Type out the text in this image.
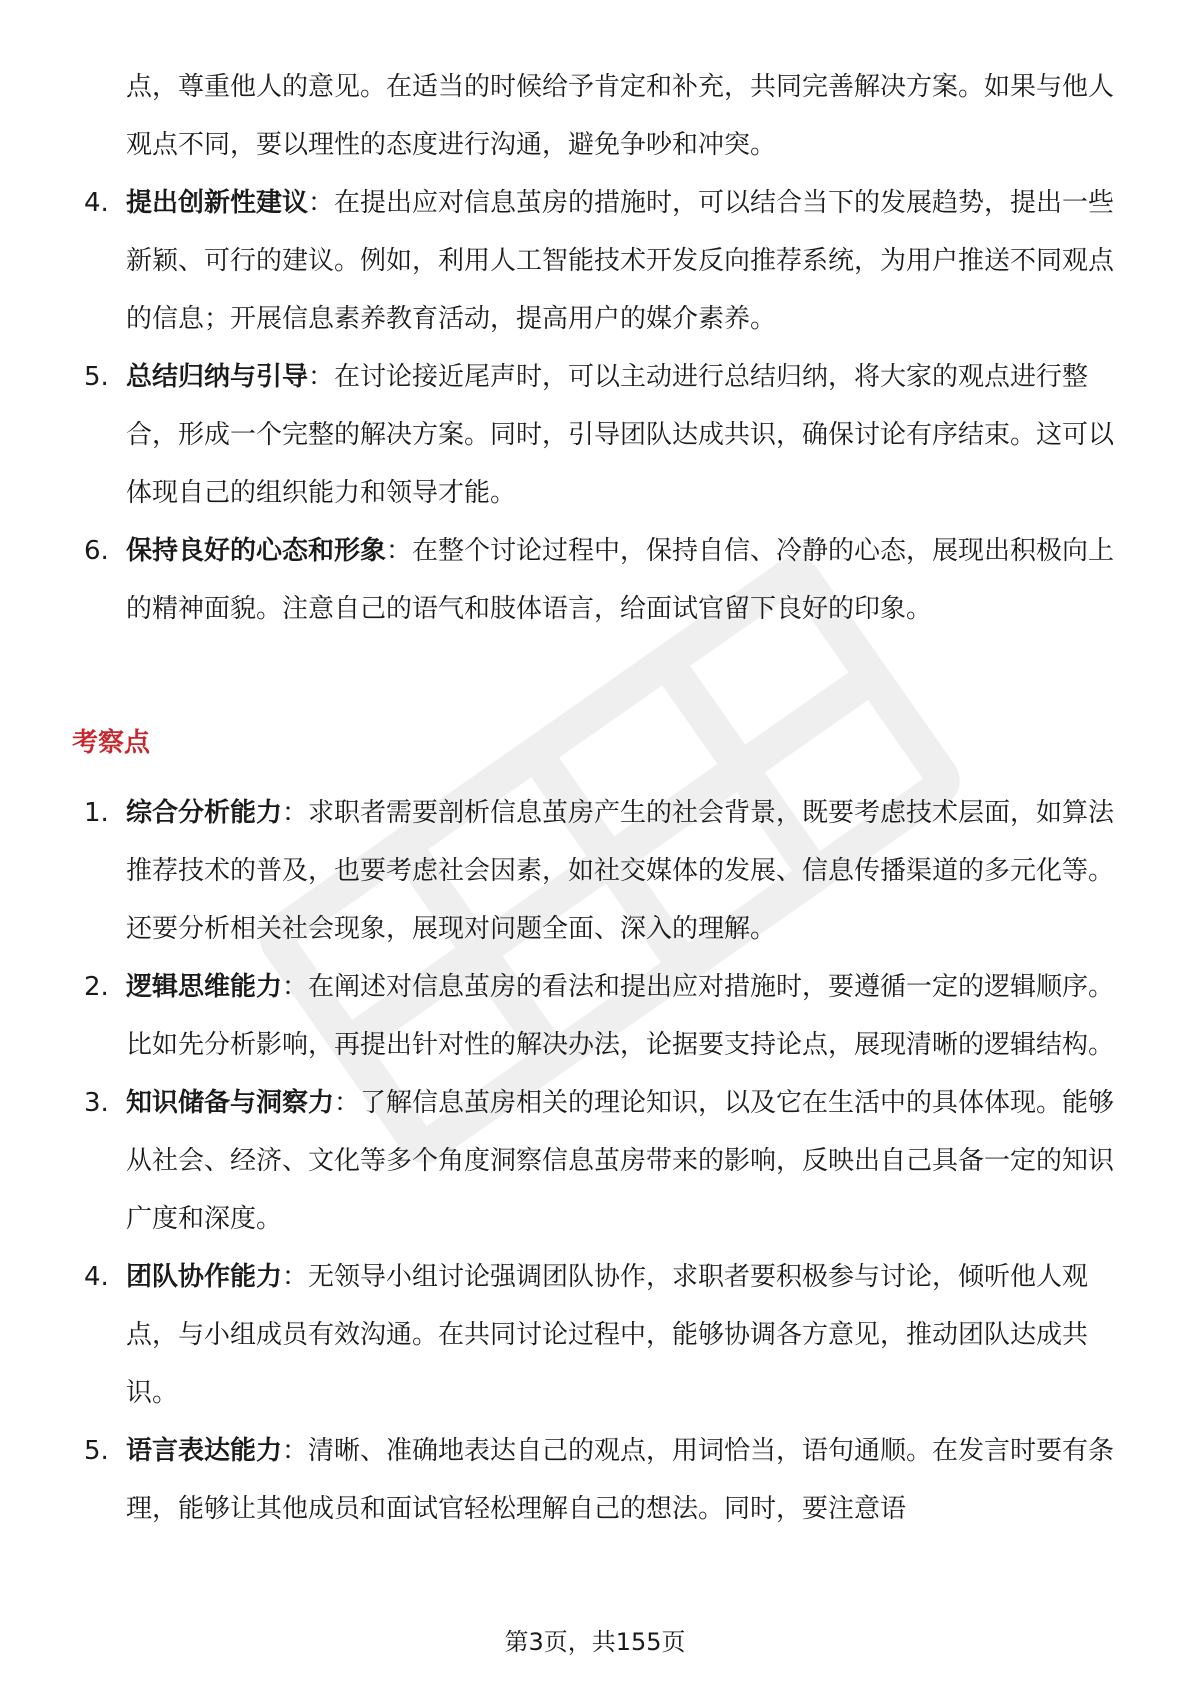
点，尊重他人的意见。在适当的时候给予肯定和补充，共同完善解决方案。如果与他人观点不同，要以理性的态度进行沟通，避免争吵和冲突。

4. 提出创新性建议：在提出应对信息茧房的措施时，可以结合当下的发展趋势，提出一些新颖、可行的建议。例如，利用人工智能技术开发反向推荐系统，为用户推送不同观点的信息；开展信息素养教育活动，提高用户的媒介素养。
5. 总结归纳与引导：在讨论接近尾声时，可以主动进行总结归纳，将大家的观点进行整合，形成一个完整的解决方案。同时，引导团队达成共识，确保讨论有序结束。这可以体现自己的组织能力和领导才能。
6. 保持良好的心态和形象：在整个讨论过程中，保持自信、冷静的心态，展现出积极向上的精神面貌。注意自己的语气和肢体语言，给面试官留下良好的印象。
考察点
1. 综合分析能力：求职者需要剖析信息茧房产生的社会背景，既要考虑技术层面，如算法推荐技术的普及，也要考虑社会因素，如社交媒体的发展、信息传播渠道的多元化等。还要分析相关社会现象，展现对问题全面、深入的理解。
2. 逻辑思维能力：在阐述对信息茧房的看法和提出应对措施时，要遵循一定的逻辑顺序。比如先分析影响，再提出针对性的解决办法，论据要支持论点，展现清晰的逻辑结构。
3. 知识储备与洞察力：了解信息茧房相关的理论知识，以及它在生活中的具体体现。能够从社会、经济、文化等多个角度洞察信息茧房带来的影响，反映出自己具备一定的知识广度和深度。
4. 团队协作能力：无领导小组讨论强调团队协作，求职者要积极参与讨论，倾听他人观点，与小组成员有效沟通。在共同讨论过程中，能够协调各方意见，推动团队达成共识。
5. 语言表达能力：清晰、准确地表达自己的观点，用词恰当，语句通顺。在发言时要有条理，能够让其他成员和面试官轻松理解自己的想法。同时，要注意语
第3页，共155页
